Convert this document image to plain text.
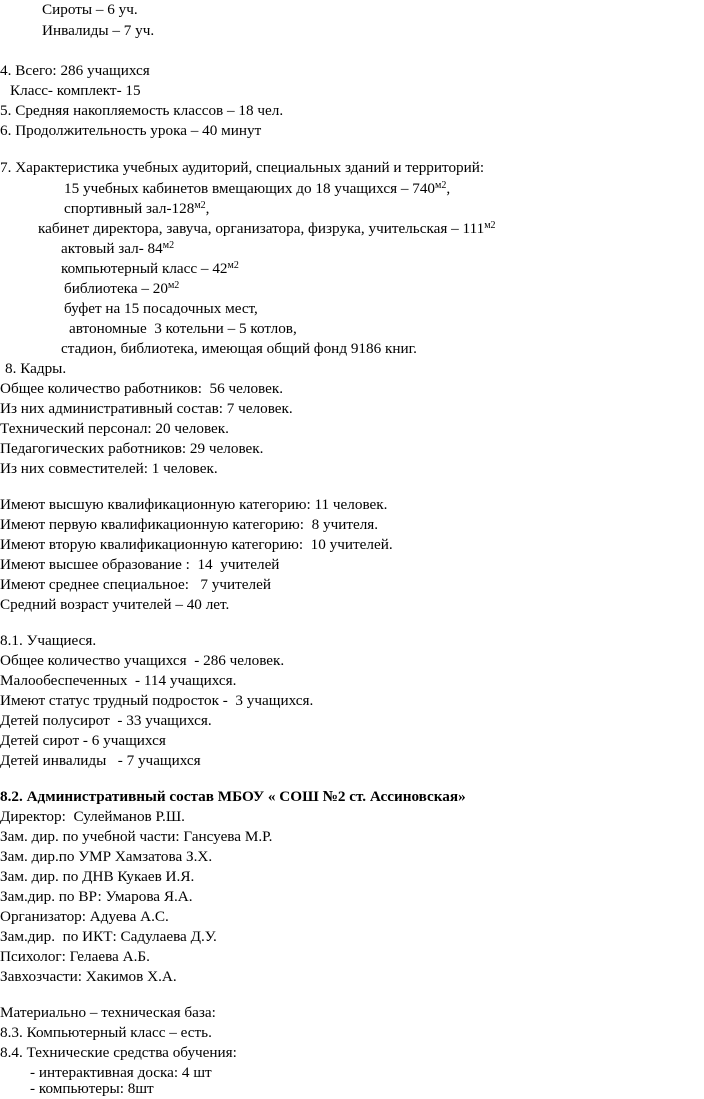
Сироты – 6 уч.
Инвалиды – 7 уч.
4. Всего: 286 учащихся
Класс- комплект- 15
5. Средняя накопляемость классов – 18 чел.
6. Продолжительность урока – 40 минут
7. Характеристика учебных аудиторий, специальных зданий и территорий:
15 учебных кабинетов вмещающих до 18 учащихся – $740^{м2}$,
спортивный зал-$128^{м2}$,
кабинет директора, завуча, организатора, физрука, учительская – $111^{м2}$
актовый зал- $84^{м2}$
компьютерный класс – $42^{м2}$
библиотека – $20^{м2}$
буфет на 15 посадочных мест,
автономные  3 котельни – 5 котлов,
стадион, библиотека, имеющая общий фонд 9186 книг.
8. Кадры.
Общее количество работников:  56 человек.
Из них административный состав: 7 человек.
Технический персонал: 20 человек.
Педагогических работников: 29 человек.
Из них совместителей: 1 человек.
Имеют высшую квалификационную категорию: 11 человек.
Имеют первую квалификационную категорию:  8 учителя.
Имеют вторую квалификационную категорию:  10 учителей.
Имеют высшее образование :  14  учителей
Имеют среднее специальное:   7 учителей
Средний возраст учителей – 40 лет.
8.1. Учащиеся.
Общее количество учащихся  - 286 человек.
Малообеспеченных  - 114 учащихся.
Имеют статус трудный подросток -  3 учащихся.
Детей полусирот  - 33 учащихся.
Детей сирот - 6 учащихся
Детей инвалиды   - 7 учащихся
8.2. Административный состав МБОУ « СОШ №2 ст. Ассиновская»
Директор:  Сулейманов Р.Ш.
Зам. дир. по учебной части: Гансуева М.Р.
Зам. дир.по УМР Хамзатова З.Х.
Зам. дир. по ДНВ Кукаев И.Я.
Зам.дир. по ВР: Умарова Я.А.
Организатор: Адуева А.С.
Зам.дир.  по ИКТ: Садулаева Д.У.
Психолог: Гелаева А.Б.
Завхозчасти: Хакимов Х.А.
Материально – техническая база:
8.3. Компьютерный класс – есть.
8.4. Технические средства обучения:
- интерактивная доска: 4 шт
- компьютеры: 8шт
